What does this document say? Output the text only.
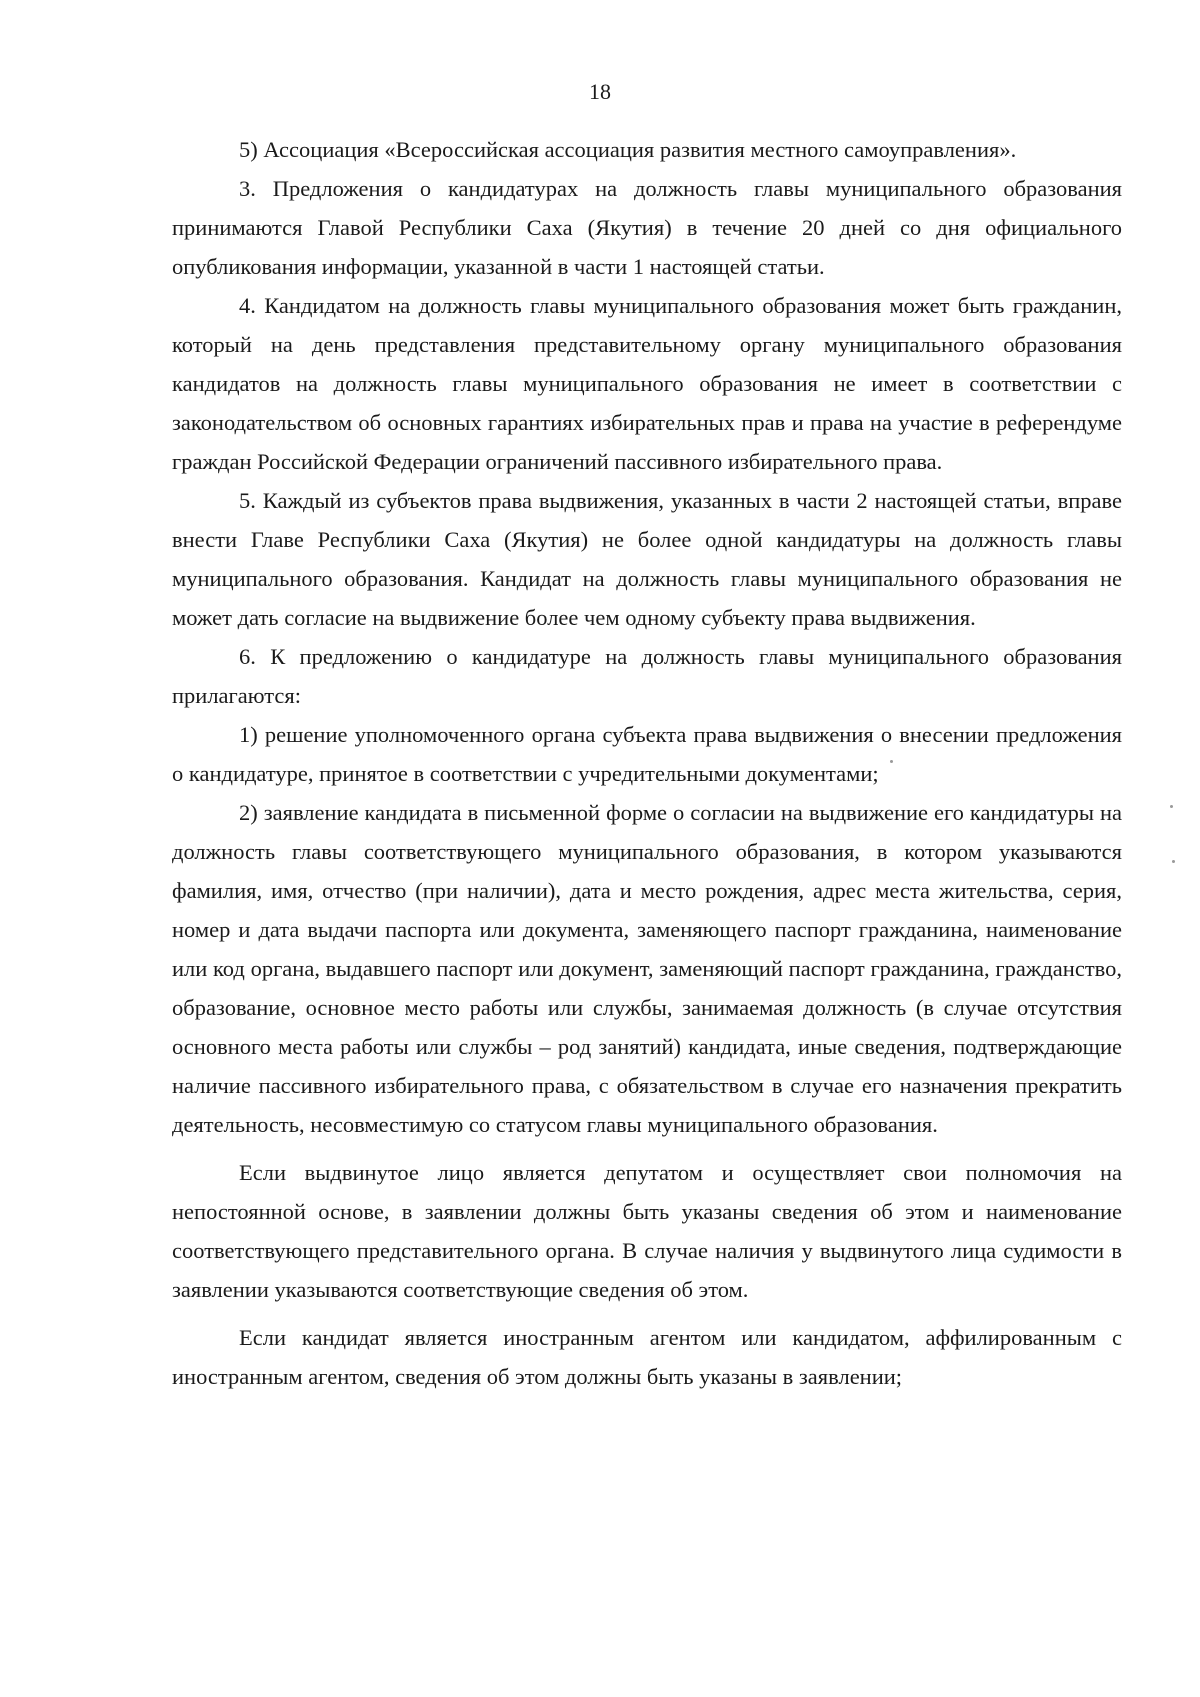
18

5) Ассоциация «Всероссийская ассоциация развития местного самоуправления».

3. Предложения о кандидатурах на должность главы муниципального образования принимаются Главой Республики Саха (Якутия) в течение 20 дней со дня официального опубликования информации, указанной в части 1 настоящей статьи.

4. Кандидатом на должность главы муниципального образования может быть гражданин, который на день представления представительному органу муниципального образования кандидатов на должность главы муниципального образования не имеет в соответствии с законодательством об основных гарантиях избирательных прав и права на участие в референдуме граждан Российской Федерации ограничений пассивного избирательного права.

5. Каждый из субъектов права выдвижения, указанных в части 2 настоящей статьи, вправе внести Главе Республики Саха (Якутия) не более одной кандидатуры на должность главы муниципального образования. Кандидат на должность главы муниципального образования не может дать согласие на выдвижение более чем одному субъекту права выдвижения.

6. К предложению о кандидатуре на должность главы муниципального образования прилагаются:

1) решение уполномоченного органа субъекта права выдвижения о внесении предложения о кандидатуре, принятое в соответствии с учредительными документами;

2) заявление кандидата в письменной форме о согласии на выдвижение его кандидатуры на должность главы соответствующего муниципального образования, в котором указываются фамилия, имя, отчество (при наличии), дата и место рождения, адрес места жительства, серия, номер и дата выдачи паспорта или документа, заменяющего паспорт гражданина, наименование или код органа, выдавшего паспорт или документ, заменяющий паспорт гражданина, гражданство, образование, основное место работы или службы, занимаемая должность (в случае отсутствия основного места работы или службы – род занятий) кандидата, иные сведения, подтверждающие наличие пассивного избирательного права, с обязательством в случае его назначения прекратить деятельность, несовместимую со статусом главы муниципального образования.

Если выдвинутое лицо является депутатом и осуществляет свои полномочия на непостоянной основе, в заявлении должны быть указаны сведения об этом и наименование соответствующего представительного органа. В случае наличия у выдвинутого лица судимости в заявлении указываются соответствующие сведения об этом.

Если кандидат является иностранным агентом или кандидатом, аффилированным с иностранным агентом, сведения об этом должны быть указаны в заявлении;
